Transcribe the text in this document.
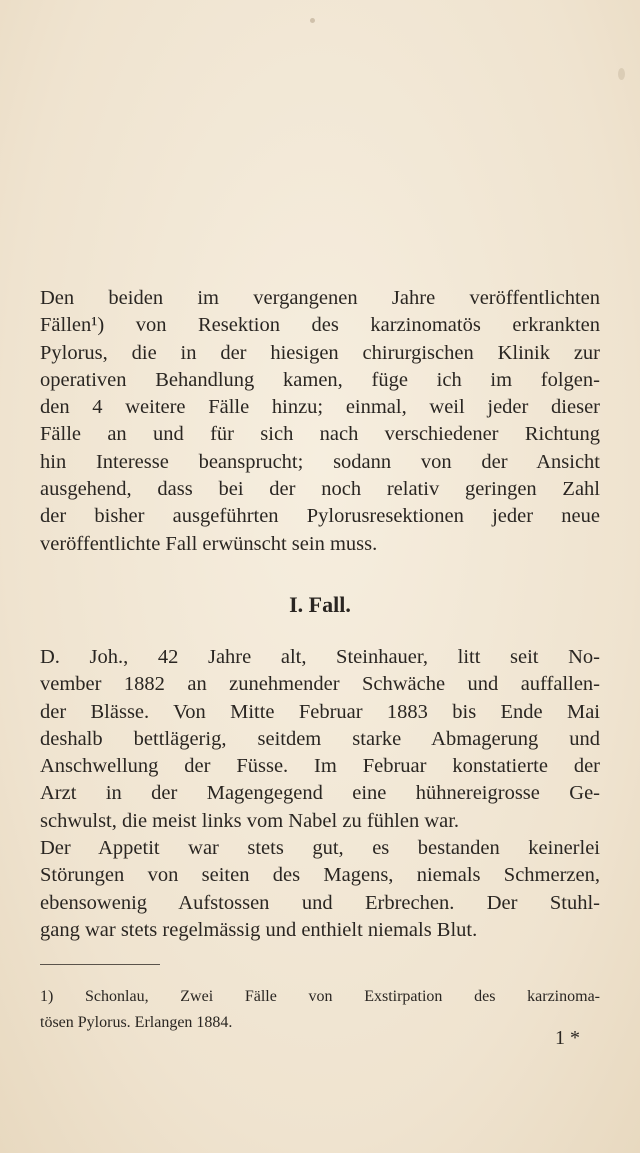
Den beiden im vergangenen Jahre veröffentlichten
Fällen¹) von Resektion des karzinomatös erkrankten
Pylorus, die in der hiesigen chirurgischen Klinik zur
operativen Behandlung kamen, füge ich im folgen-
den 4 weitere Fälle hinzu; einmal, weil jeder dieser
Fälle an und für sich nach verschiedener Richtung
hin Interesse beansprucht; sodann von der Ansicht
ausgehend, dass bei der noch relativ geringen Zahl
der bisher ausgeführten Pylorusresektionen jeder neue
veröffentlichte Fall erwünscht sein muss.

I. Fall.

D. Joh., 42 Jahre alt, Steinhauer, litt seit No-
vember 1882 an zunehmender Schwäche und auffallen-
der Blässe. Von Mitte Februar 1883 bis Ende Mai
deshalb bettlägerig, seitdem starke Abmagerung und
Anschwellung der Füsse. Im Februar konstatierte der
Arzt in der Magengegend eine hühnereigrosse Ge-
schwulst, die meist links vom Nabel zu fühlen war.

Der Appetit war stets gut, es bestanden keinerlei
Störungen von seiten des Magens, niemals Schmerzen,
ebensowenig Aufstossen und Erbrechen. Der Stuhl-
gang war stets regelmässig und enthielt niemals Blut.

1) Schonlau, Zwei Fälle von Exstirpation des karzinoma-
tösen Pylorus. Erlangen 1884.
1 *
